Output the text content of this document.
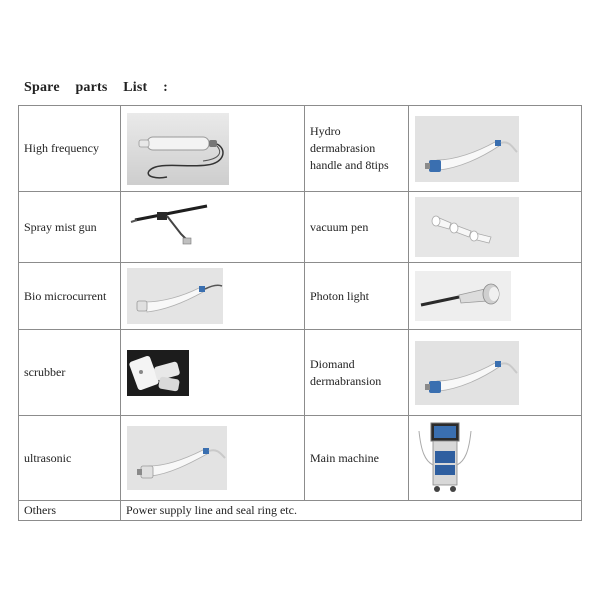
Spare parts List :
High frequency		Hydro dermabrasion handle and 8tips	

Spray mist gun		vacuum pen	

Bio microcurrent		Photon light	

scrubber		Diomand dermabransion	

ultrasonic		Main machine	

Others	Power supply line and seal ring etc.		
